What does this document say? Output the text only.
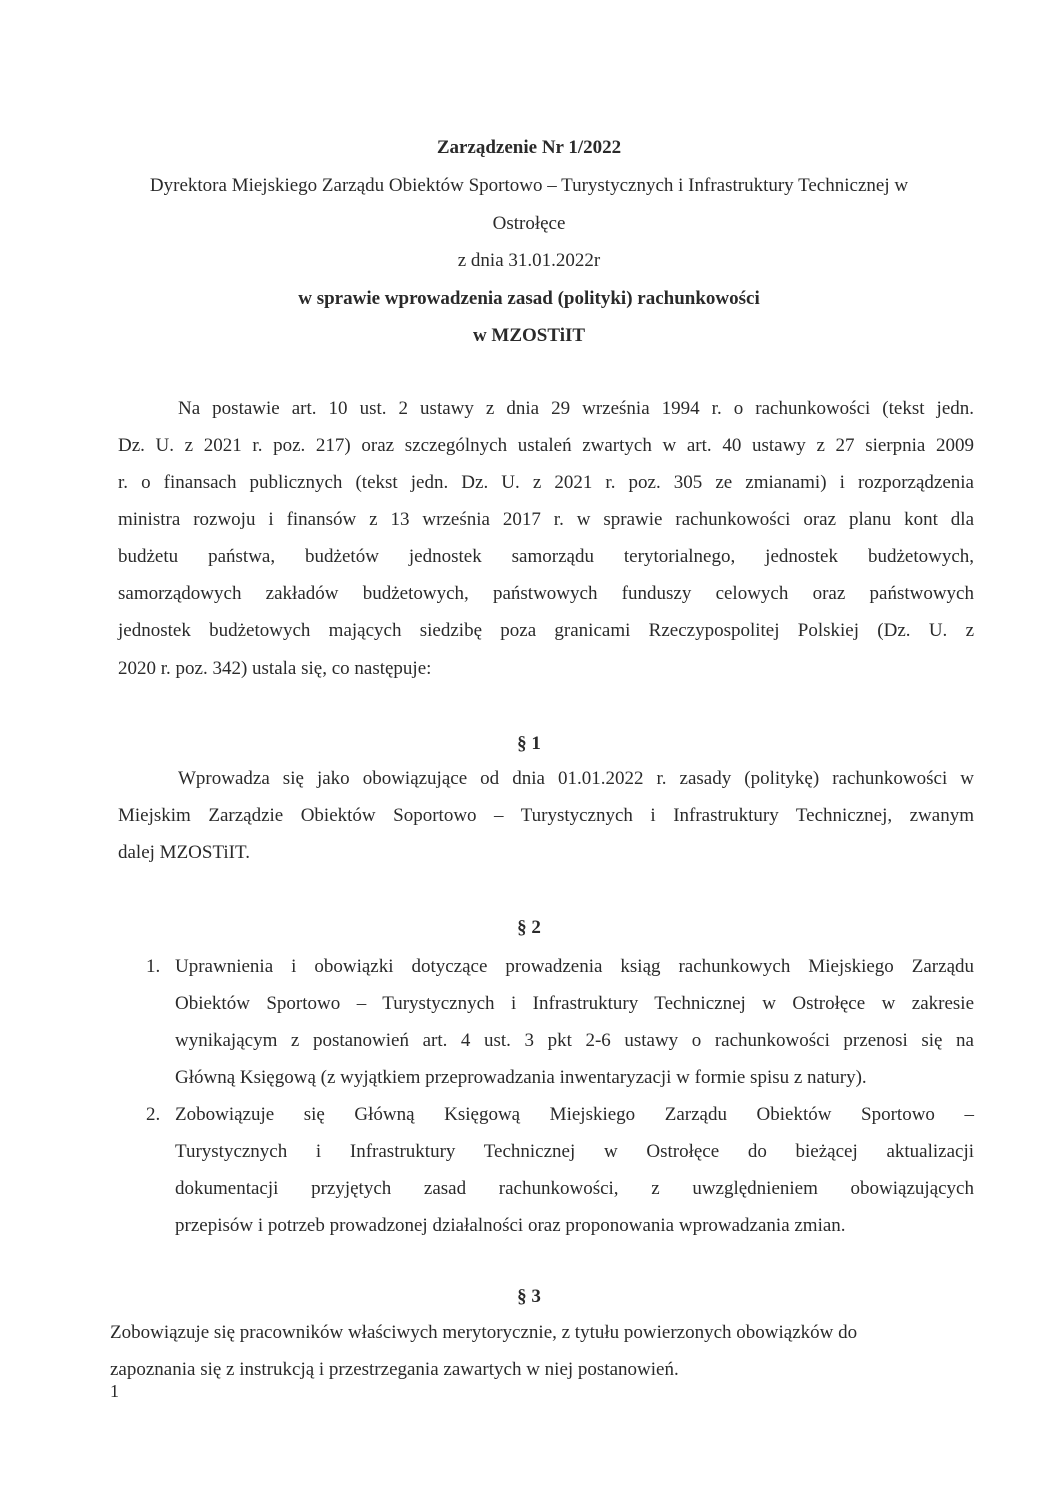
Zarządzenie Nr 1/2022
Dyrektora Miejskiego Zarządu Obiektów Sportowo – Turystycznych i Infrastruktury Technicznej w
Ostrołęce
z dnia 31.01.2022r
w sprawie wprowadzenia zasad (polityki) rachunkowości
w MZOSTiIT
Na postawie art. 10 ust. 2 ustawy z dnia 29 września 1994 r. o rachunkowości (tekst jedn.
Dz. U. z 2021 r. poz. 217) oraz szczególnych ustaleń zwartych w art. 40 ustawy z 27 sierpnia 2009
r. o finansach publicznych (tekst jedn. Dz. U. z 2021 r. poz. 305 ze zmianami) i rozporządzenia
ministra rozwoju i finansów z 13 września 2017 r. w sprawie rachunkowości oraz planu kont dla
budżetu państwa, budżetów jednostek samorządu terytorialnego, jednostek budżetowych,
samorządowych zakładów budżetowych, państwowych funduszy celowych oraz państwowych
jednostek budżetowych mających siedzibę poza granicami Rzeczypospolitej Polskiej (Dz. U. z
2020 r. poz. 342) ustala się, co następuje:
§ 1
Wprowadza się jako obowiązujące od dnia 01.01.2022 r. zasady (politykę) rachunkowości w
Miejskim Zarządzie Obiektów Soportowo – Turystycznych i Infrastruktury Technicznej, zwanym
dalej MZOSTiIT.
§ 2
1. Uprawnienia i obowiązki dotyczące prowadzenia ksiąg rachunkowych Miejskiego Zarządu
Obiektów Sportowo – Turystycznych i Infrastruktury Technicznej w Ostrołęce w zakresie
wynikającym z postanowień art. 4 ust. 3 pkt 2-6 ustawy o rachunkowości przenosi się na
Główną Księgową (z wyjątkiem przeprowadzania inwentaryzacji w formie spisu z natury).
2. Zobowiązuje się Główną Księgową Miejskiego Zarządu Obiektów Sportowo –
Turystycznych i Infrastruktury Technicznej w Ostrołęce do bieżącej aktualizacji
dokumentacji przyjętych zasad rachunkowości, z uwzględnieniem obowiązujących
przepisów i potrzeb prowadzonej działalności oraz proponowania wprowadzania zmian.
§ 3
Zobowiązuje się pracowników właściwych merytorycznie, z tytułu powierzonych obowiązków do
zapoznania się z instrukcją i przestrzegania zawartych w niej postanowień.
1
